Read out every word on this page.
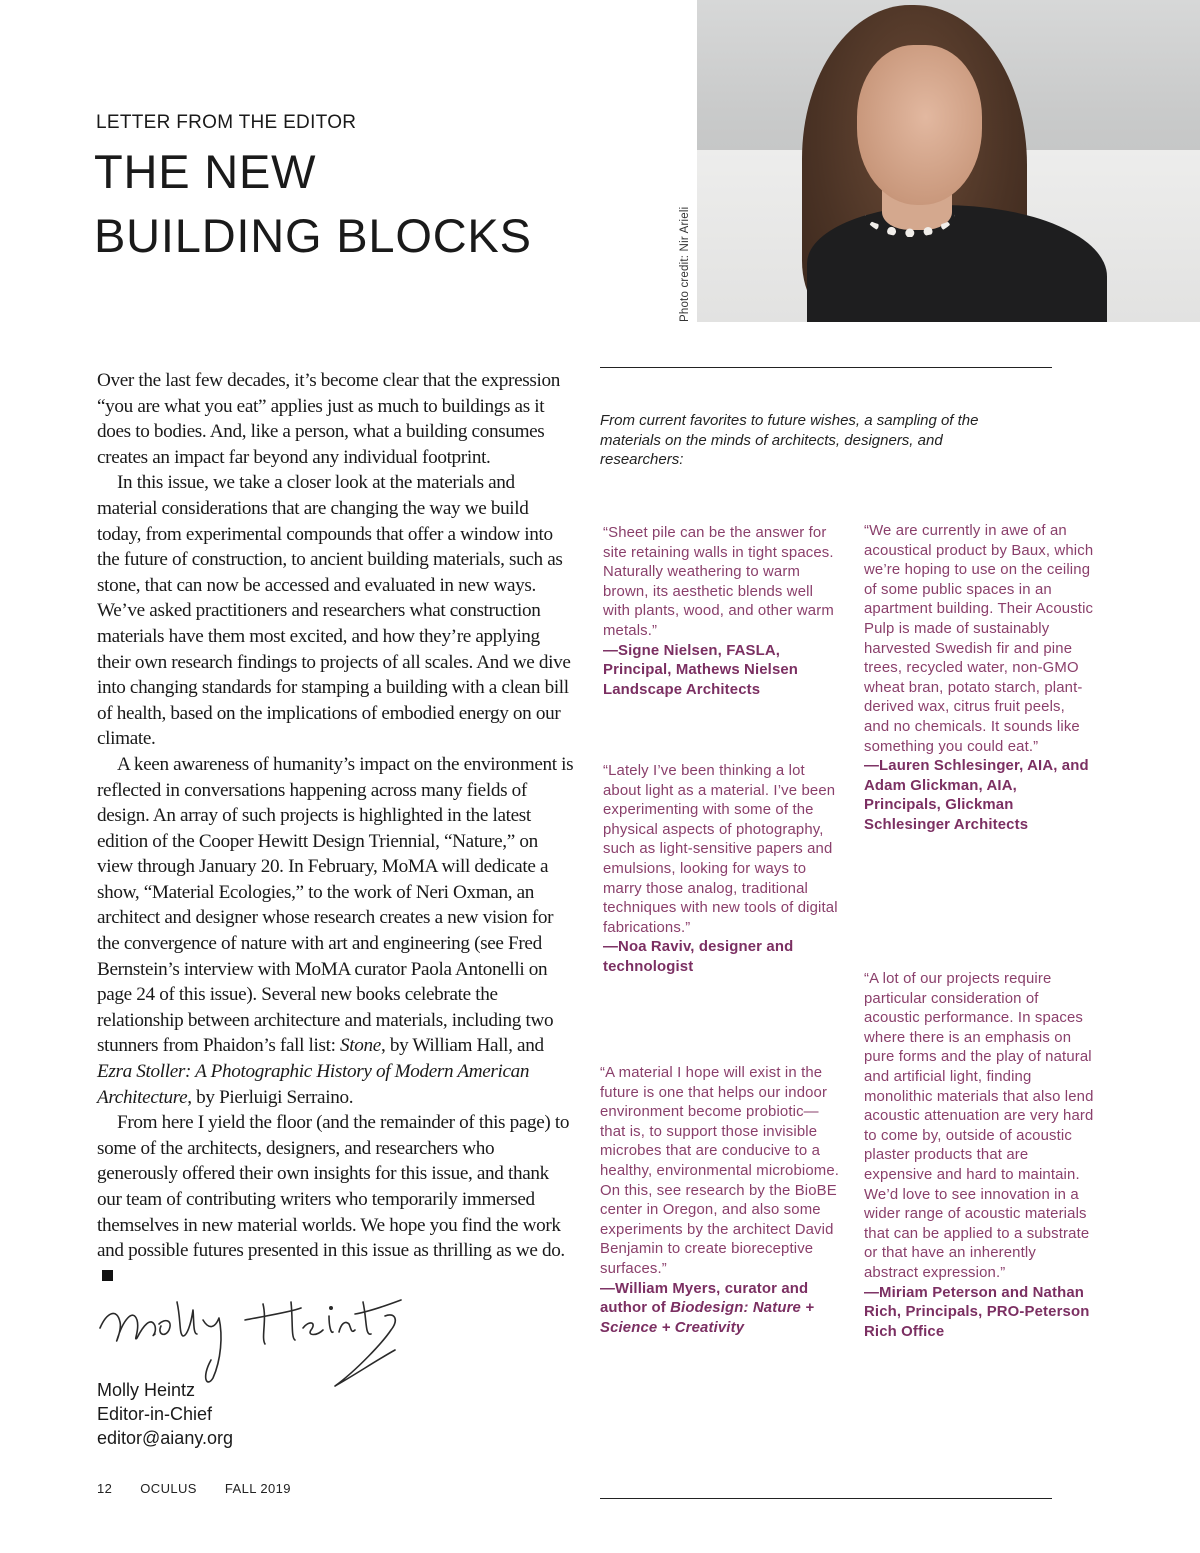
LETTER FROM THE EDITOR
THE NEW
BUILDING BLOCKS	Photo credit: Nir Arieli

Over the last few decades, it’s become clear that the expression “you are what you eat” applies just as much to buildings as it does to bodies. And, like a person, what a building consumes creates an impact far beyond any individual footprint.

In this issue, we take a closer look at the materials and material considerations that are changing the way we build today, from experimental compounds that offer a window into the future of construction, to ancient building materials, such as stone, that can now be accessed and evaluated in new ways. We’ve asked practitioners and researchers what construction materials have them most excited, and how they’re applying their own research findings to projects of all scales. And we dive into changing standards for stamping a building with a clean bill of health, based on the implications of embodied energy on our climate.

A keen awareness of humanity’s impact on the environment is reflected in conversations happening across many fields of design. An array of such projects is highlighted in the latest edition of the Cooper Hewitt Design Triennial, “Nature,” on view through January 20. In February, MoMA will dedicate a show, “Material Ecologies,” to the work of Neri Oxman, an architect and designer whose research creates a new vision for the convergence of nature with art and engineering (see Fred Bernstein’s interview with MoMA curator Paola Antonelli on page 24 of this issue). Several new books celebrate the relationship between architecture and materials, including two stunners from Phaidon’s fall list: Stone, by William Hall, and Ezra Stoller: A Photographic History of Modern American Architecture, by Pierluigi Serraino.

From here I yield the floor (and the remainder of this page) to some of the architects, designers, and researchers who generously offered their own insights for this issue, and thank our team of contributing writers who temporarily immersed themselves in new material worlds. We hope you find the work and possible futures presented in this issue as thrilling as we do.

Molly Heintz
Editor-in-Chief
editor@aiany.org
12 OCULUS FALL 2019
From current favorites to future wishes, a sampling of the materials on the minds of architects, designers, and researchers:
“Sheet pile can be the answer for site retaining walls in tight spaces. Naturally weathering to warm brown, its aesthetic blends well with plants, wood, and other warm metals.”
—Signe Nielsen, FASLA, Principal, Mathews Nielsen Landscape Architects
“Lately I’ve been thinking a lot about light as a material. I’ve been experimenting with some of the physical aspects of photography, such as light-sensitive papers and emulsions, looking for ways to marry those analog, traditional techniques with new tools of digital fabrications.”
—Noa Raviv, designer and technologist
“A material I hope will exist in the future is one that helps our indoor environment become probiotic—that is, to support those invisible microbes that are conducive to a healthy, environmental microbiome. On this, see research by the BioBE center in Oregon, and also some experiments by the architect David Benjamin to create bioreceptive surfaces.”
—William Myers, curator and author of Biodesign: Nature + Science + Creativity
“We are currently in awe of an acoustical product by Baux, which we’re hoping to use on the ceiling of some public spaces in an apartment building. Their Acoustic Pulp is made of sustainably harvested Swedish fir and pine trees, recycled water, non-GMO wheat bran, potato starch, plant-derived wax, citrus fruit peels, and no chemicals. It sounds like something you could eat.”
—Lauren Schlesinger, AIA, and Adam Glickman, AIA, Principals, Glickman Schlesinger Architects
“A lot of our projects require particular consideration of acoustic performance. In spaces where there is an emphasis on pure forms and the play of natural and artificial light, finding monolithic materials that also lend acoustic attenuation are very hard to come by, outside of acoustic plaster products that are expensive and hard to maintain. We’d love to see innovation in a wider range of acoustic materials that can be applied to a substrate or that have an inherently abstract expression.”
—Miriam Peterson and Nathan Rich, Principals, PRO-Peterson Rich Office
